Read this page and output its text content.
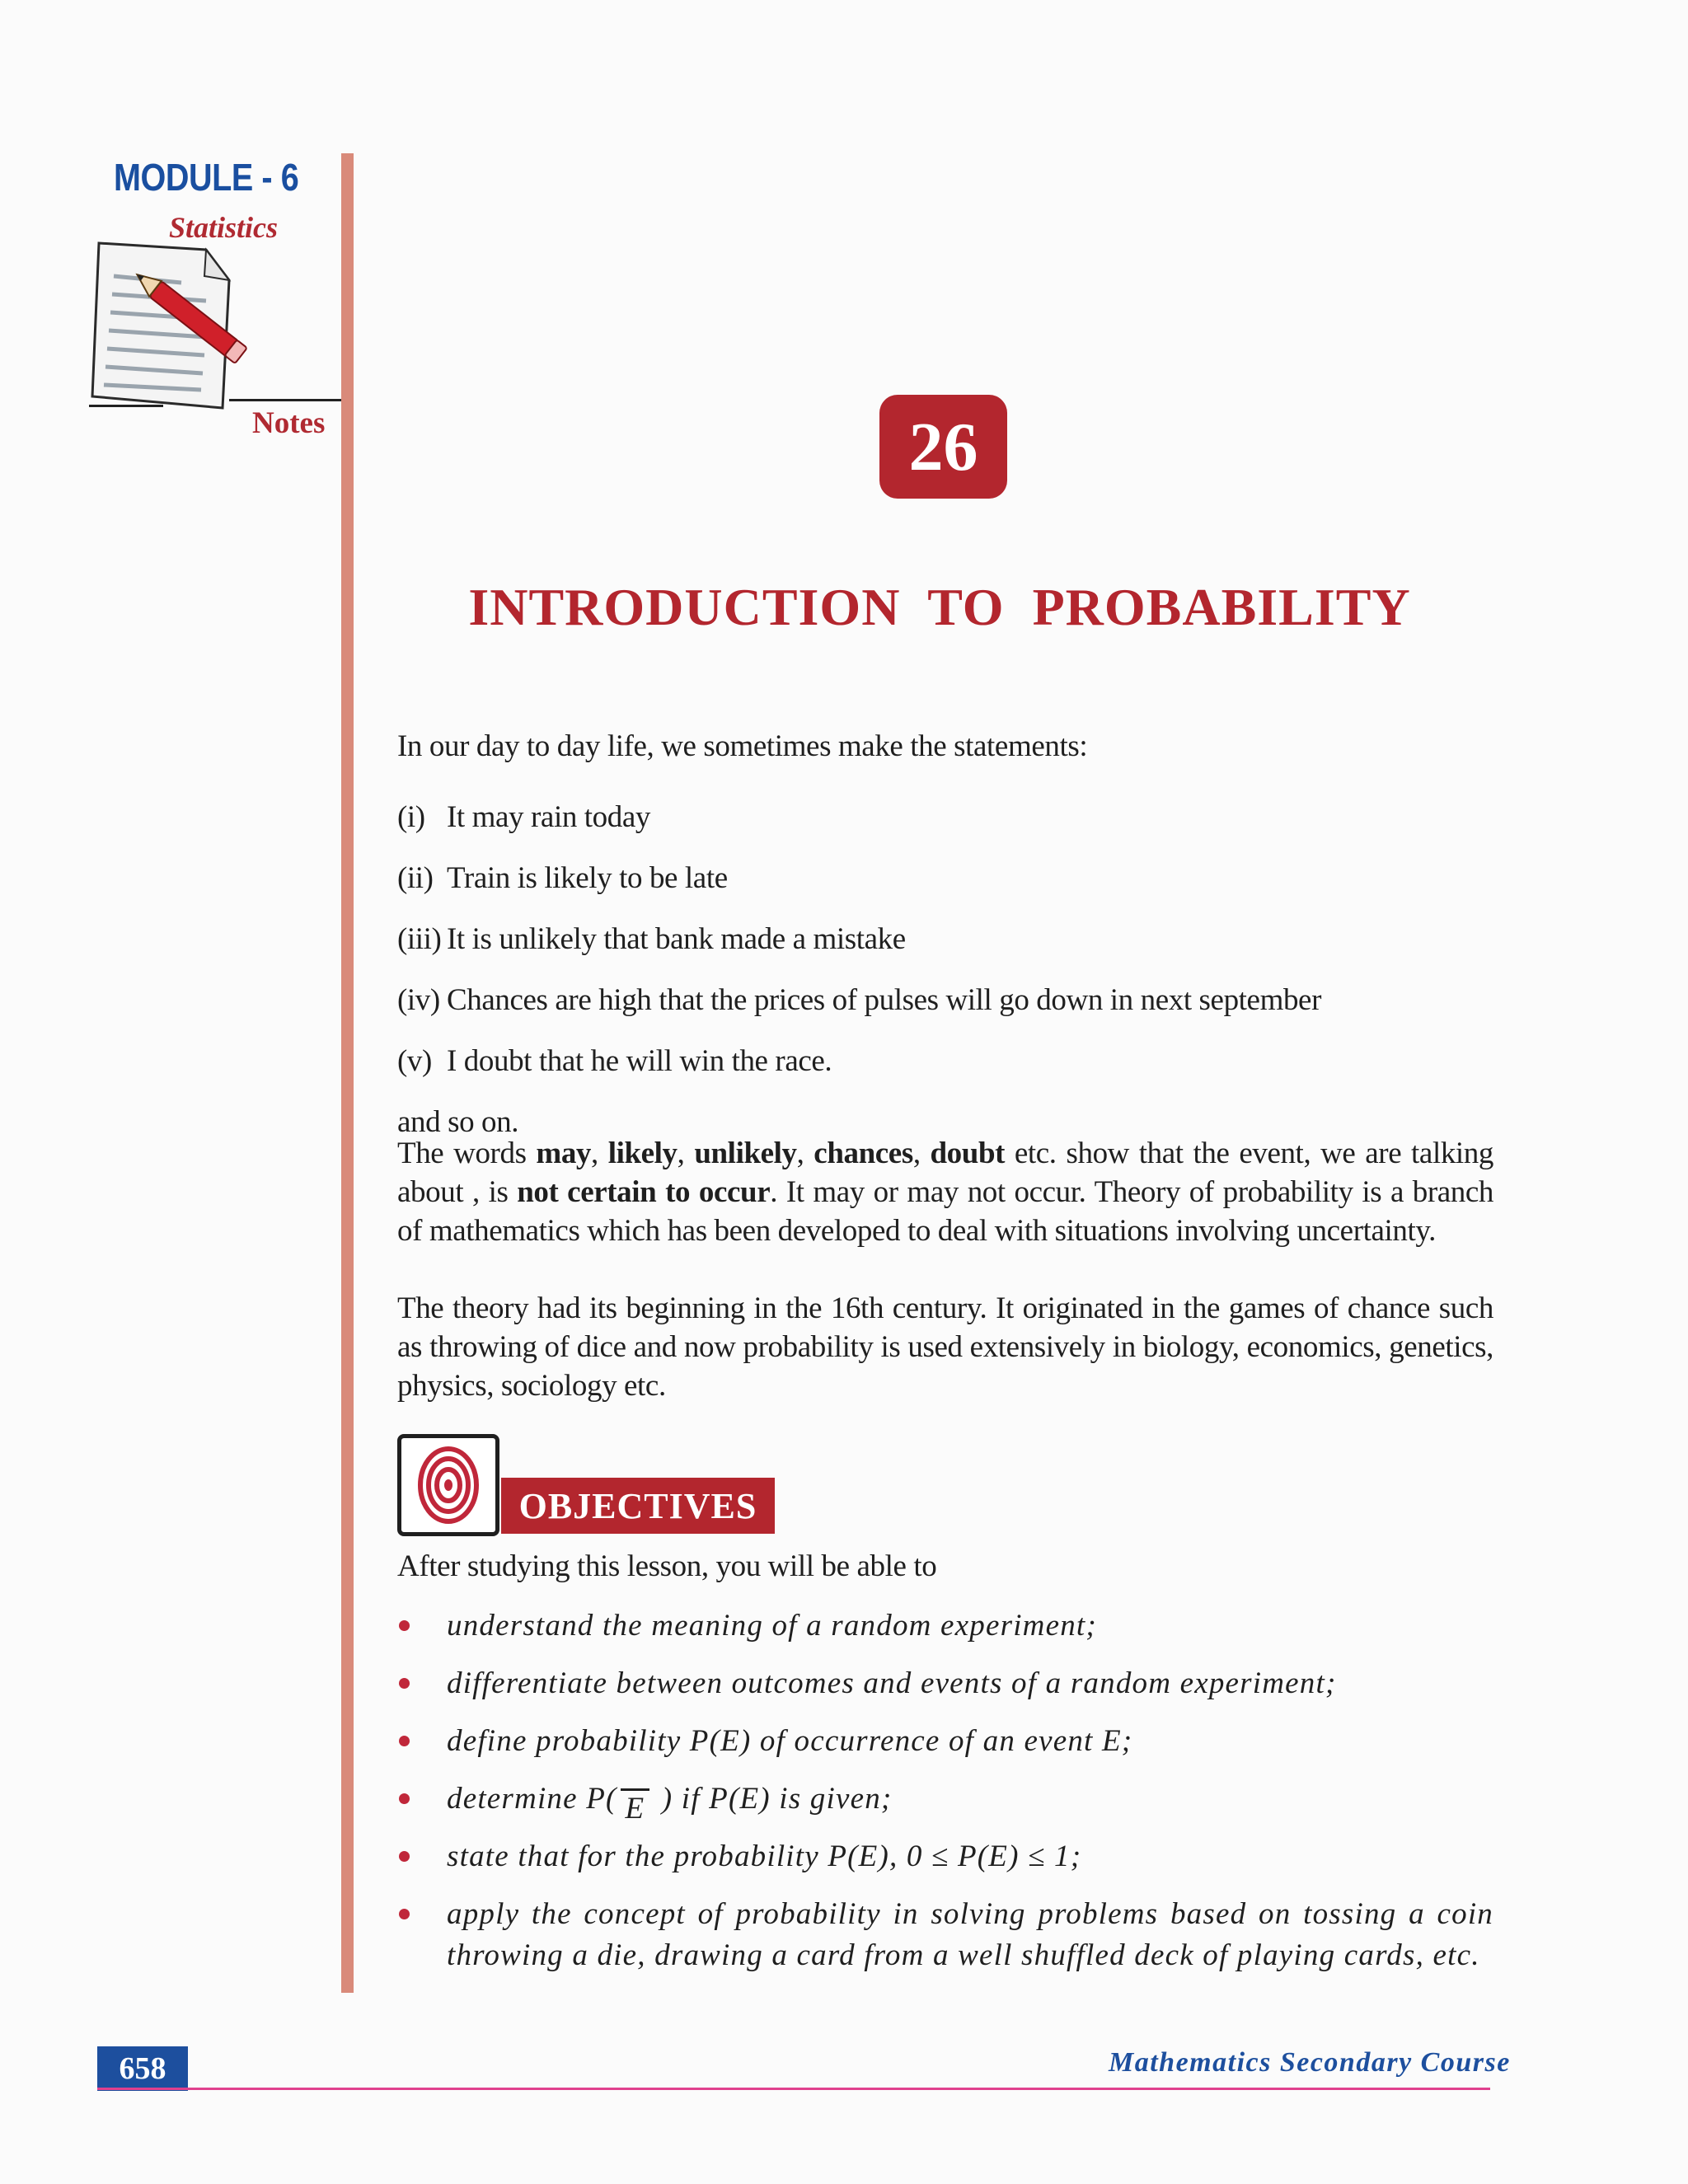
MODULE - 6
Statistics
Notes	26
INTRODUCTION  TO  PROBABILITY
In our day to day life, we sometimes make the statements:
(i) It may rain today
(ii) Train is likely to be late
(iii) It is unlikely that bank made a mistake
(iv) Chances are high that the prices of pulses will go down in next september
(v) I doubt that he will win the race.
and so on.

The words may, likely, unlikely, chances, doubt etc. show that the event, we are talking about , is not certain to occur. It may or may not occur. Theory of probability is a branch of mathematics which has been developed to deal with situations involving uncertainty.

The theory had its beginning in the 16th century. It originated in the games of chance such as throwing of dice and now probability is used extensively in biology, economics, genetics, physics, sociology etc.

OBJECTIVES
After studying this lesson, you will be able to
understand the meaning of a random experiment;
differentiate between outcomes and events of a random experiment;
define probability P(E) of occurrence of an event E;
determine P( E ) if P(E) is given;
state that for the probability P(E), 0 ≤ P(E) ≤ 1;
apply the concept of probability in solving problems based on tossing a coin throwing a die, drawing a card from a well shuffled deck of playing cards, etc.
658	Mathematics Secondary Course
